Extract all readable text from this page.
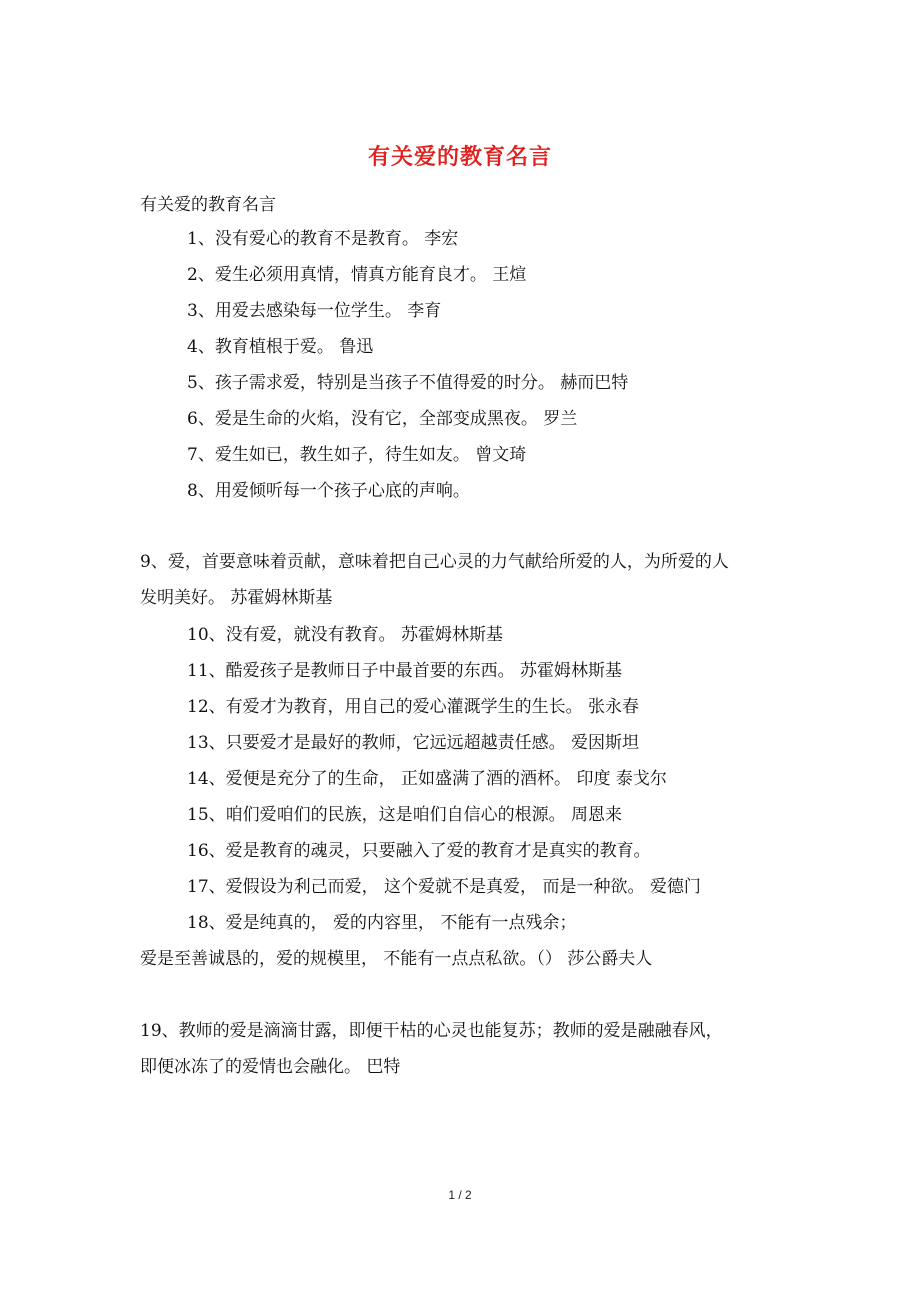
有关爱的教育名言
有关爱的教育名言
1、没有爱心的教育不是教育。 李宏
2、爱生必须用真情，情真方能育良才。 王煊
3、用爱去感染每一位学生。 李育
4、教育植根于爱。 鲁迅
5、孩子需求爱，特别是当孩子不值得爱的时分。 赫而巴特
6、爱是生命的火焰，没有它，全部变成黑夜。 罗兰
7、爱生如已，教生如子，待生如友。 曾文琦
8、用爱倾听每一个孩子心底的声响。
9、爱，首要意味着贡献，意味着把自己心灵的力气献给所爱的人，为所爱的人
发明美好。 苏霍姆林斯基
10、没有爱，就没有教育。 苏霍姆林斯基
11、酷爱孩子是教师日子中最首要的东西。 苏霍姆林斯基
12、有爱才为教育，用自己的爱心灌溉学生的生长。 张永春
13、只要爱才是最好的教师，它远远超越责任感。 爱因斯坦
14、爱便是充分了的生命， 正如盛满了酒的酒杯。 印度 泰戈尔
15、咱们爱咱们的民族，这是咱们自信心的根源。 周恩来
16、爱是教育的魂灵，只要融入了爱的教育才是真实的教育。
17、爱假设为利己而爱， 这个爱就不是真爱， 而是一种欲。 爱德门
18、爱是纯真的， 爱的内容里， 不能有一点残余；
爱是至善诚恳的，爱的规模里， 不能有一点点私欲。（） 莎公爵夫人
19、教师的爱是滴滴甘露，即便干枯的心灵也能复苏；教师的爱是融融春风，
即便冰冻了的爱情也会融化。 巴特
1 / 2
